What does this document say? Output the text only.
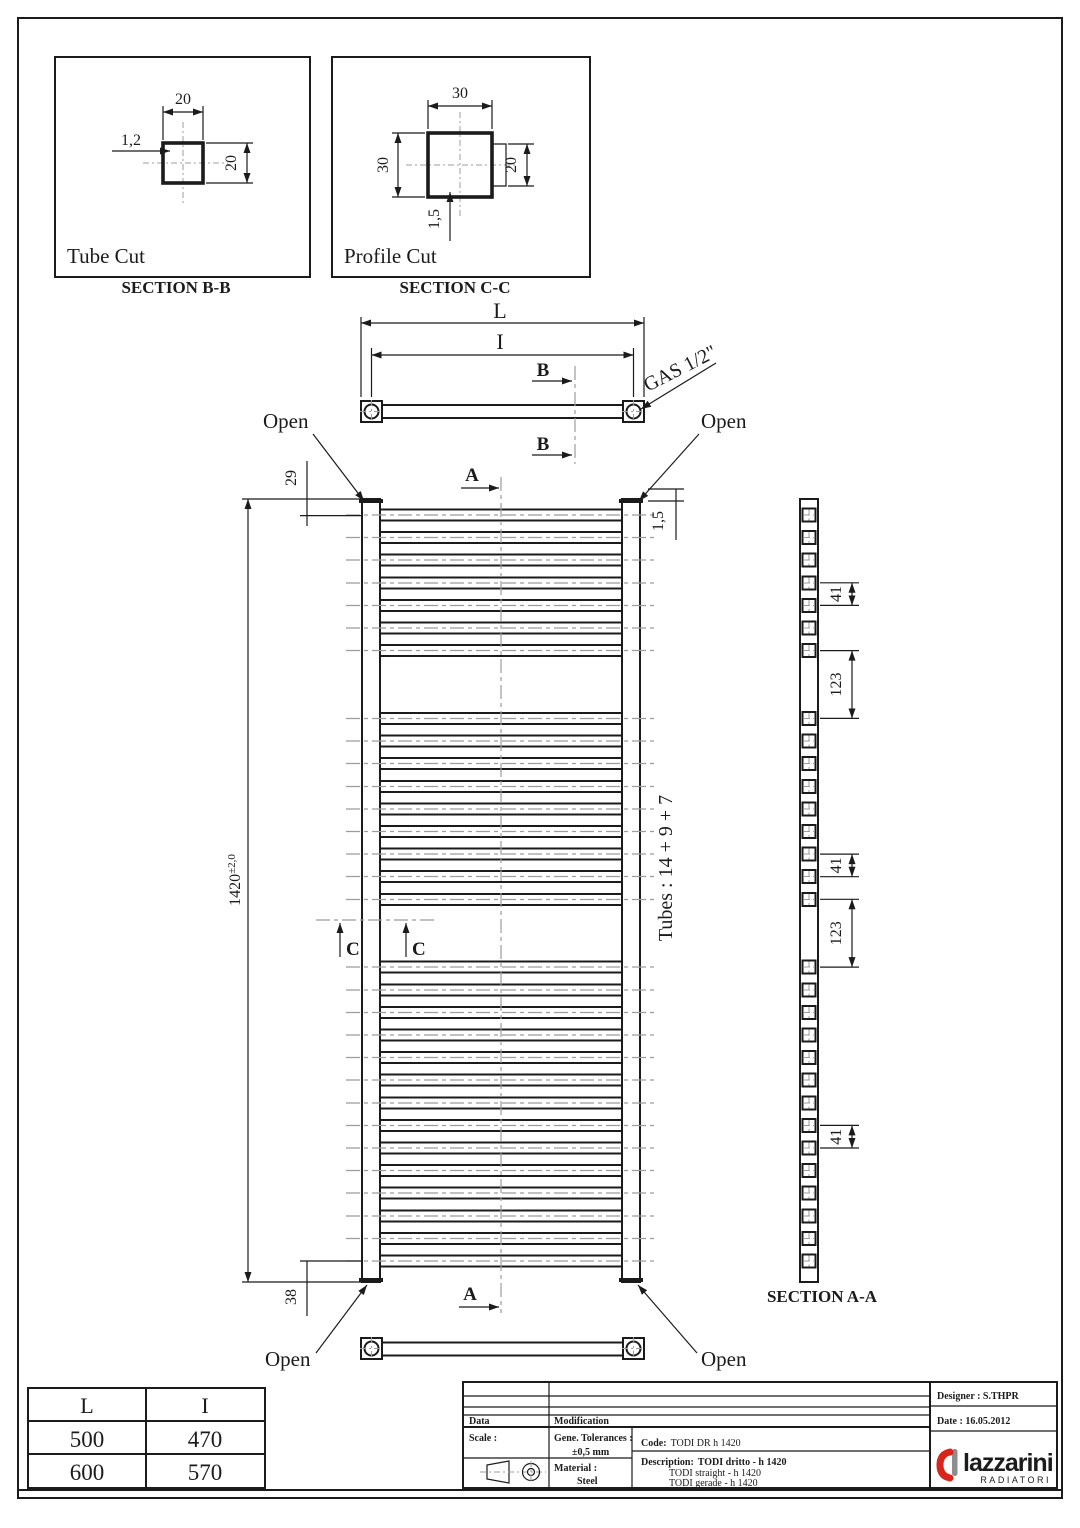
20
20
1,2
Tube Cut
SECTION B-B
30
30	20
1,5
Profile Cut
SECTION C-C
L
I
B
B
GAS 1/2"
Open	Open
$1420^{\pm 2,0}$
29
1,5
38
A
A
C	C
Tubes : 14 + 9 + 7
Open	Open
41
123
41
123
41
SECTION A-A
L	I
500	470
600	570
Data	Modification
Scale :	Gene. Tolerances :
±0,5 mm
Material :
Steel
Code: TODI DR h 1420
Description: TODI dritto - h 1420
TODI straight - h 1420
TODI gerade - h 1420
Designer : S.THPR
Date : 16.05.2012
lazzarini
RADIATORI
